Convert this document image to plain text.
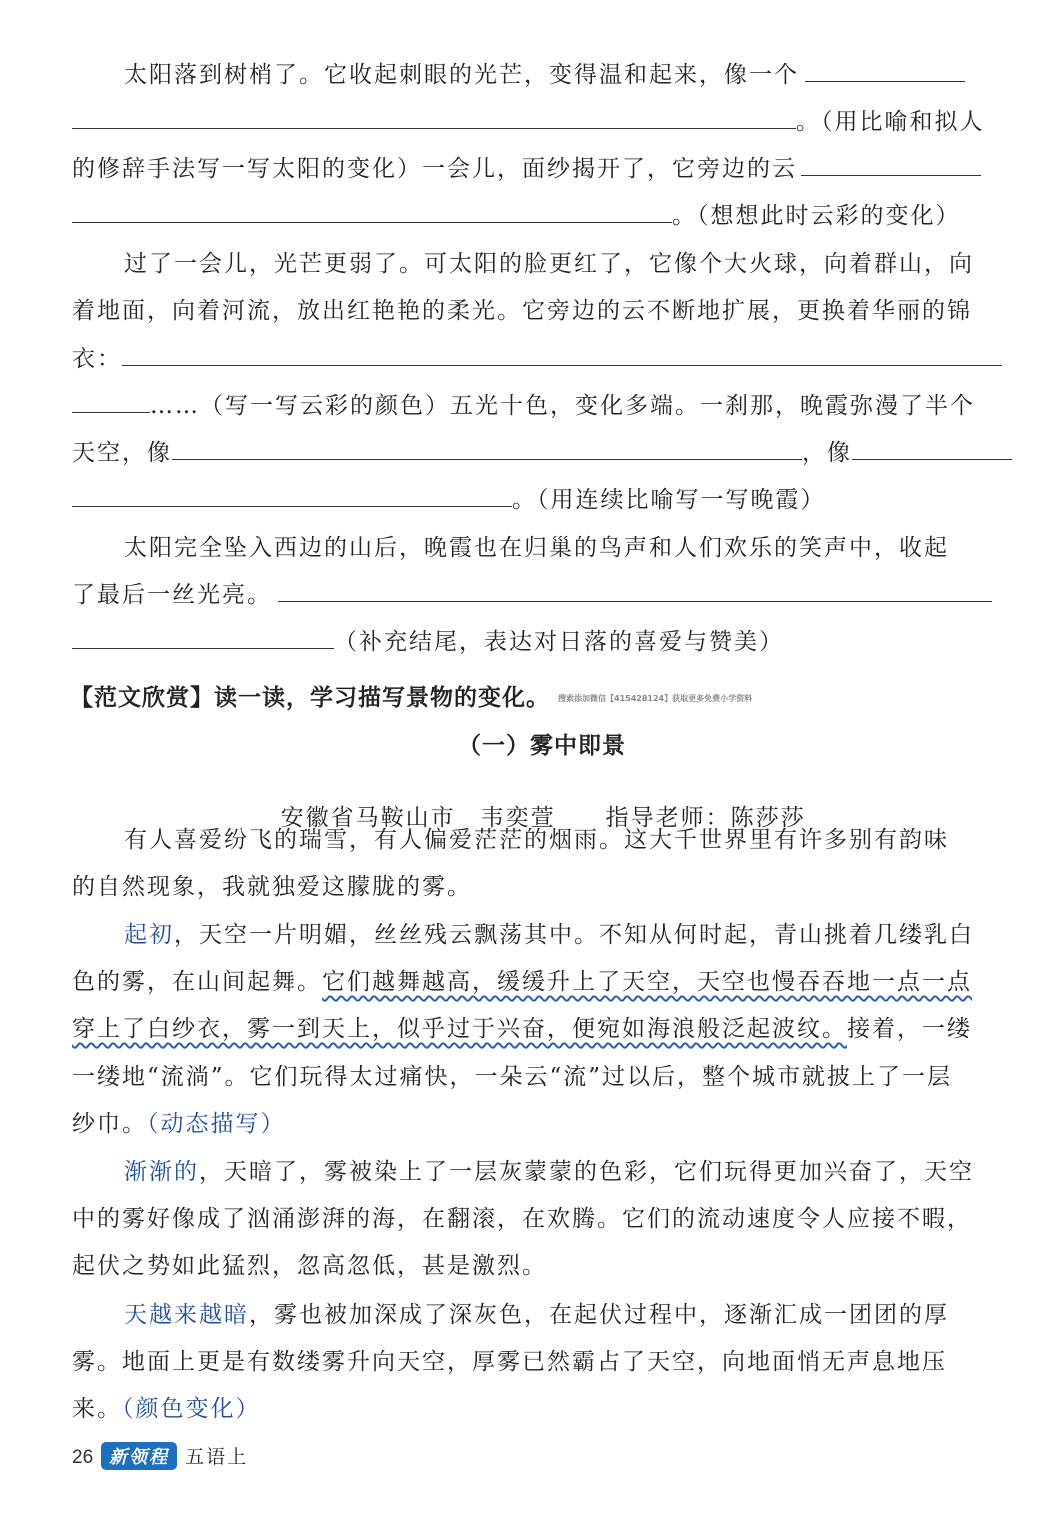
太阳落到树梢了。它收起刺眼的光芒，变得温和起来，像一个
。（用比喻和拟人
的修辞手法写一写太阳的变化）一会儿，面纱揭开了，它旁边的云
。（想想此时云彩的变化）
过了一会儿，光芒更弱了。可太阳的脸更红了，它像个大火球，向着群山，向
着地面，向着河流，放出红艳艳的柔光。它旁边的云不断地扩展，更换着华丽的锦
衣：
……（写一写云彩的颜色）五光十色，变化多端。一刹那，晚霞弥漫了半个
天空，像	，像
。（用连续比喻写一写晚霞）
太阳完全坠入西边的山后，晚霞也在归巢的鸟声和人们欢乐的笑声中，收起
了最后一丝光亮。
（补充结尾，表达对日落的喜爱与赞美）
【范文欣赏】读一读，学习描写景物的变化。 搜索添加微信【415428124】获取更多免费小学资料
（一）雾中即景

安徽省马鞍山市　韦奕萱　　指导老师：陈莎莎

有人喜爱纷飞的瑞雪，有人偏爱茫茫的烟雨。这大千世界里有许多别有韵味
的自然现象，我就独爱这朦胧的雾。
起初，天空一片明媚，丝丝残云飘荡其中。不知从何时起，青山挑着几缕乳白
色的雾，在山间起舞。它们越舞越高，缓缓升上了天空，天空也慢吞吞地一点一点
穿上了白纱衣，雾一到天上，似乎过于兴奋，便宛如海浪般泛起波纹。接着，一缕
一缕地“流淌”。它们玩得太过痛快，一朵云“流”过以后，整个城市就披上了一层
纱巾。（动态描写）
渐渐的，天暗了，雾被染上了一层灰蒙蒙的色彩，它们玩得更加兴奋了，天空
中的雾好像成了汹涌澎湃的海，在翻滚，在欢腾。它们的流动速度令人应接不暇，
起伏之势如此猛烈，忽高忽低，甚是激烈。
天越来越暗，雾也被加深成了深灰色，在起伏过程中，逐渐汇成一团团的厚
雾。地面上更是有数缕雾升向天空，厚雾已然霸占了天空，向地面悄无声息地压
来。（颜色变化）
26 新领程 五语上
